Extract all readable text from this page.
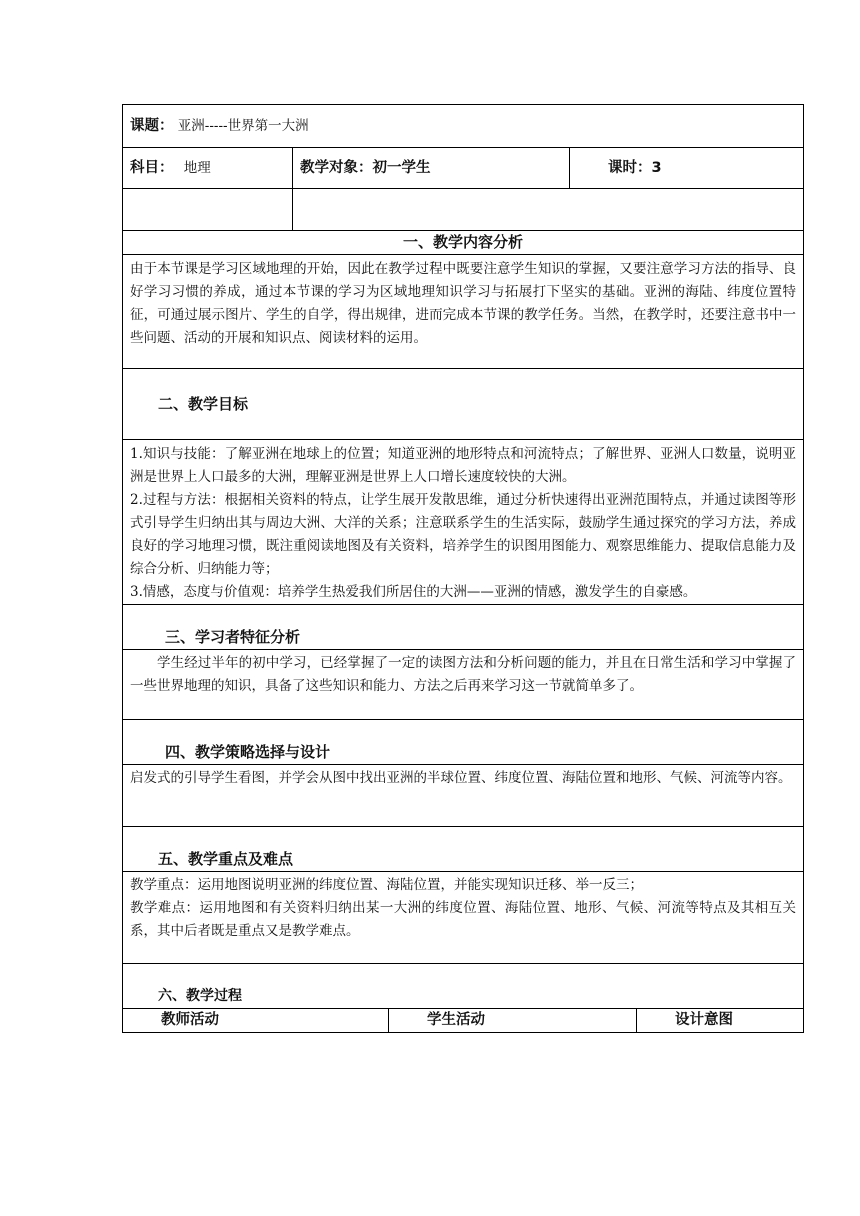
课题： 亚洲-----世界第一大洲		
科目： 地理	教学对象：初一学生	课时：3

一、教学内容分析		
由于本节课是学习区域地理的开始，因此在教学过程中既要注意学生知识的掌握，又要注意学习方法的指导、良好学习习惯的养成，通过本节课的学习为区域地理知识学习与拓展打下坚实的基础。亚洲的海陆、纬度位置特征，可通过展示图片、学生的自学，得出规律，进而完成本节课的教学任务。当然，在教学时，还要注意书中一些问题、活动的开展和知识点、阅读材料的运用。		
二、教学目标		

1.知识与技能：了解亚洲在地球上的位置；知道亚洲的地形特点和河流特点；了解世界、亚洲人口数量，说明亚洲是世界上人口最多的大洲，理解亚洲是世界上人口增长速度较快的大洲。
2.过程与方法：根据相关资料的特点，让学生展开发散思维，通过分析快速得出亚洲范围特点，并通过读图等形式引导学生归纳出其与周边大洲、大洋的关系；注意联系学生的生活实际，鼓励学生通过探究的学习方法，养成良好的学习地理习惯，既注重阅读地图及有关资料，培养学生的识图用图能力、观察思维能力、提取信息能力及综合分析、归纳能力等；
3.情感，态度与价值观：培养学生热爱我们所居住的大洲——亚洲的情感，激发学生的自豪感。		

三、学习者特征分析		
学生经过半年的初中学习，已经掌握了一定的读图方法和分析问题的能力，并且在日常生活和学习中掌握了一些世界地理的知识，具备了这些知识和能力、方法之后再来学习这一节就简单多了。		
四、教学策略选择与设计		
启发式的引导学生看图，并学会从图中找出亚洲的半球位置、纬度位置、海陆位置和地形、气候、河流等内容。		
五、教学重点及难点		

教学重点：运用地图说明亚洲的纬度位置、海陆位置，并能实现知识迁移、举一反三；
教学难点：运用地图和有关资料归纳出某一大洲的纬度位置、海陆位置、地形、气候、河流等特点及其相互关系，其中后者既是重点又是教学难点。		

六、教学过程		
教师活动	学生活动	设计意图
